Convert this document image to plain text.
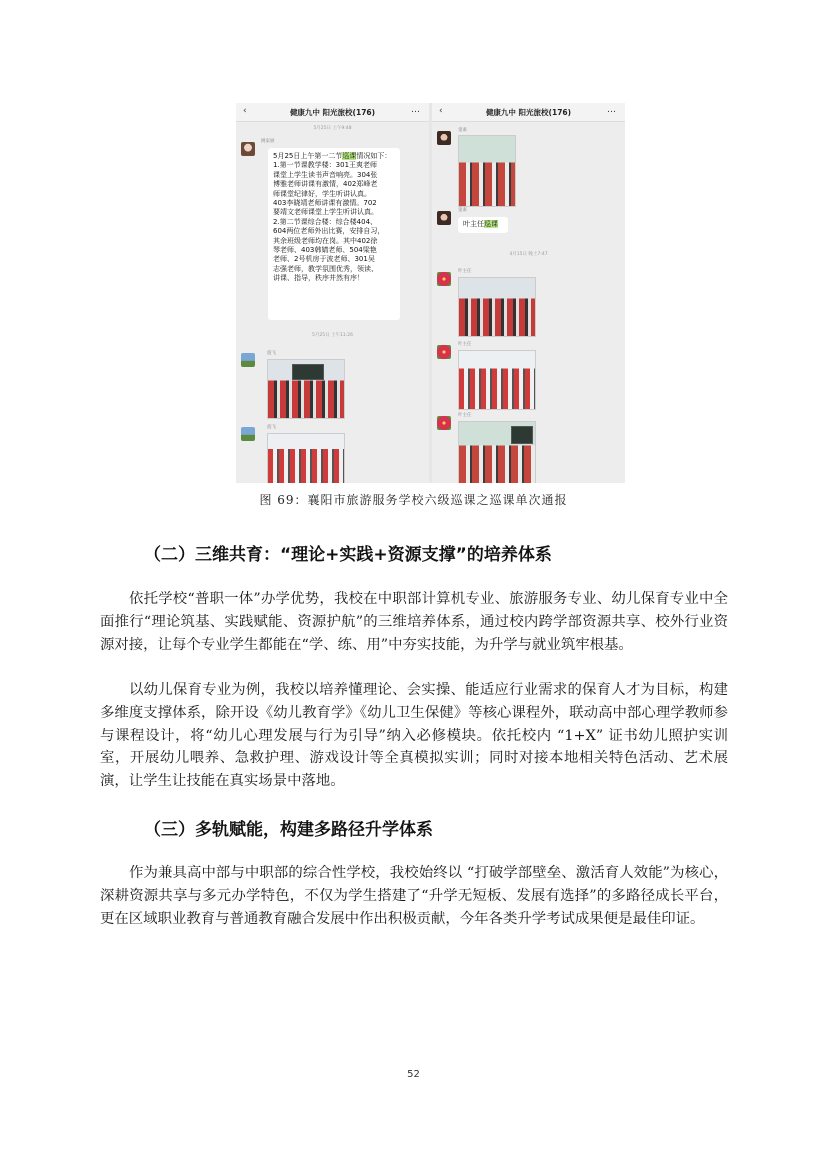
‹	健康九中 阳光旅校(176)	…
5月25日 上午9:48
姚家丽
5月25日上午第一二节巡课情况如下：
1.第一节课教学楼：301王爽老师
课堂上学生读书声音响亮。304张
博雅老师讲课有激情，402郑峰老
师课堂纪律好，学生听讲认真。
403李晓靖老师讲课有激情。702
要靖文老师课堂上学生听讲认真。
2.第二节课综合楼：综合楼404、
604两位老师外出比赛，安排自习，
其余班级老师均在岗。其中402徐
琴老师、403韩婧老师、504梁艳
老师、2号机房于波老师、301吴
志强老师，教学氛围优秀，领读、
讲课、指导，秩序井然有序！
5月25日 上午11:26
旋飞
旋飞
‹	健康九中 阳光旅校(176)	…
童素
童素
叶主任巡课
4月15日 晚上7:47
叶主任
叶主任
叶主任
图 69：襄阳市旅游服务学校六级巡课之巡课单次通报
（二）三维共育：“理论+实践+资源支撑”的培养体系
依托学校“普职一体”办学优势，我校在中职部计算机专业、旅游服务专业、幼儿保育专业中全面推行“理论筑基、实践赋能、资源护航”的三维培养体系，通过校内跨学部资源共享、校外行业资源对接，让每个专业学生都能在“学、练、用”中夯实技能，为升学与就业筑牢根基。
以幼儿保育专业为例，我校以培养懂理论、会实操、能适应行业需求的保育人才为目标，构建多维度支撑体系，除开设《幼儿教育学》《幼儿卫生保健》等核心课程外，联动高中部心理学教师参与课程设计，将“幼儿心理发展与行为引导”纳入必修模块。依托校内 “1+X” 证书幼儿照护实训室，开展幼儿喂养、急救护理、游戏设计等全真模拟实训；同时对接本地相关特色活动、艺术展演，让学生让技能在真实场景中落地。
（三）多轨赋能，构建多路径升学体系
作为兼具高中部与中职部的综合性学校，我校始终以 “打破学部壁垒、激活育人效能”为核心，深耕资源共享与多元办学特色，不仅为学生搭建了“升学无短板、发展有选择”的多路径成长平台，更在区域职业教育与普通教育融合发展中作出积极贡献，今年各类升学考试成果便是最佳印证。
52
